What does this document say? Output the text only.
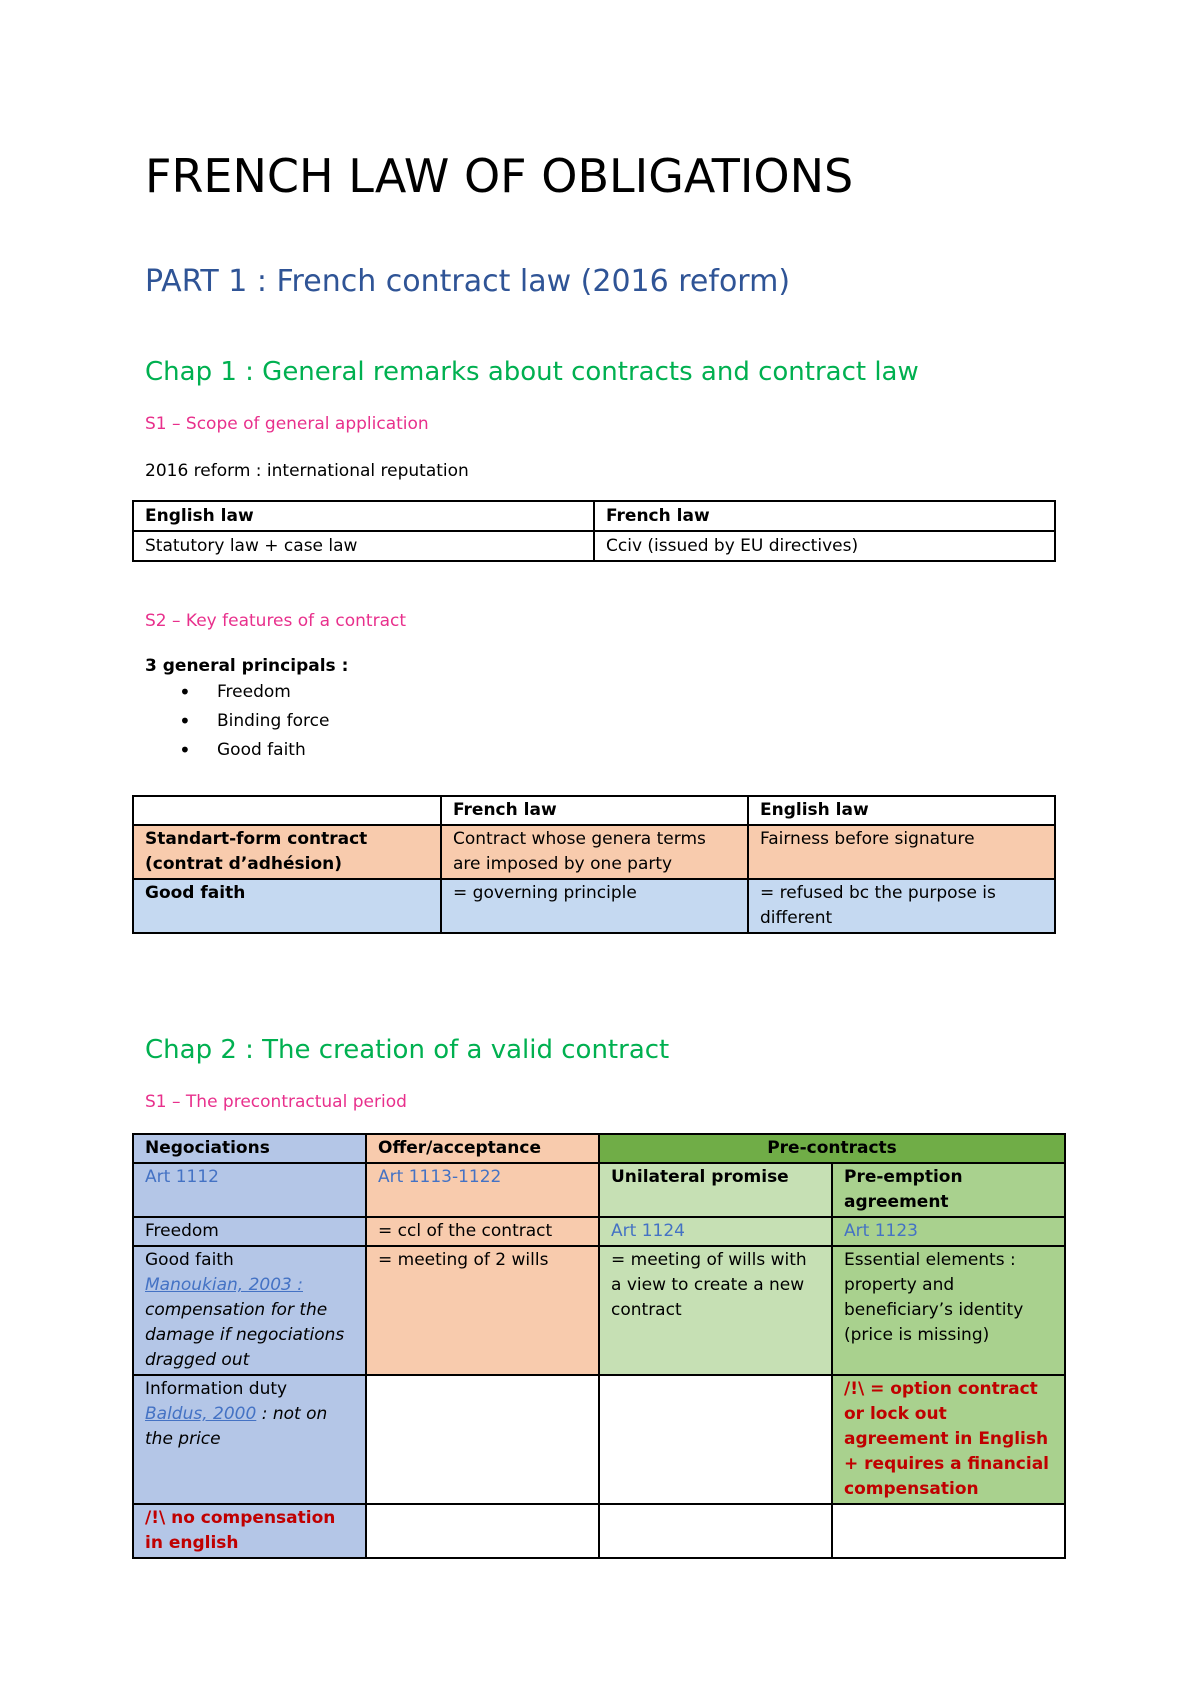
FRENCH LAW OF OBLIGATIONS
PART 1 : French contract law (2016 reform)
Chap 1 : General remarks about contracts and contract law
S1 – Scope of general application
2016 reform : international reputation
English law	French law
Statutory law + case law	Cciv (issued by EU directives)
S2 – Key features of a contract
3 general principals :
• Freedom
• Binding force
• Good faith
	French law	English law

Standart-form contract
(contrat d’adhésion)	Contract whose genera terms are imposed by one party	Fairness before signature
Good faith	= governing principle	= refused bc the purpose is different
Chap 2 : The creation of a valid contract
S1 – The precontractual period
Negociations	Offer/acceptance	Pre-contracts	
Art 1112	Art 1113-1122	Unilateral promise	Pre-emption agreement
Freedom	= ccl of the contract	Art 1124	Art 1123

Good faith
Manoukian, 2003 :
compensation for the damage if negociations dragged out	= meeting of 2 wills	= meeting of wills with a view to create a new contract	Essential elements : property and beneficiary’s identity (price is missing)

Information duty
Baldus, 2000 : not on the price			/!\ = option contract or lock out agreement in English + requires a financial compensation
/!\ no compensation in english			
